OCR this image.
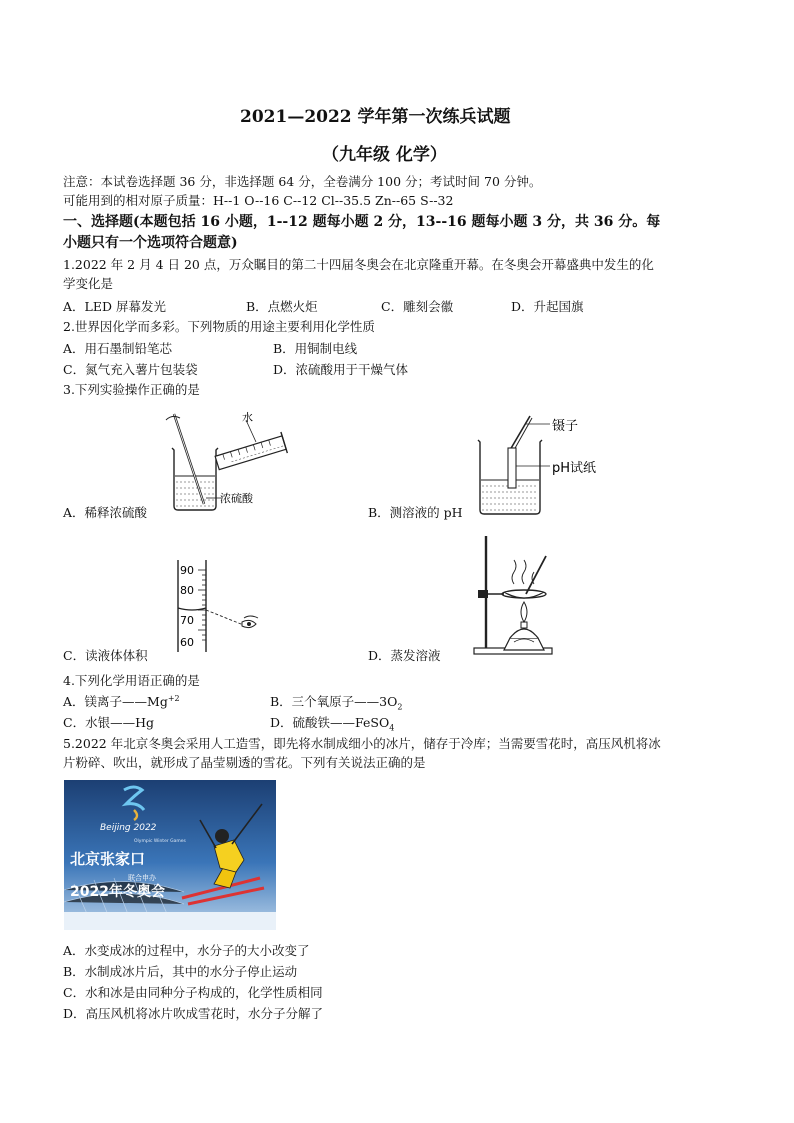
2021—2022 学年第一次练兵试题
（九年级 化学）
注意：本试卷选择题 36 分，非选择题 64 分，全卷满分 100 分；考试时间 70 分钟。
可能用到的相对原子质量：H--1 O--16 C--12 Cl--35.5 Zn--65 S--32
一、选择题(本题包括 16 小题，1--12 题每小题 2 分，13--16 题每小题 3 分，共 36 分。每
小题只有一个选项符合题意)
1.2022 年 2 月 4 日 20 点，万众瞩目的第二十四届冬奥会在北京隆重开幕。在冬奥会开幕盛典中发生的化
学变化是
A．LED 屏幕发光	B．点燃火炬	C．雕刻会徽	D．升起国旗
2.世界因化学而多彩。下列物质的用途主要利用化学性质
A．用石墨制铅笔芯	B．用铜制电线
C．氮气充入薯片包装袋	D．浓硫酸用于干燥气体
3.下列实验操作正确的是
水
浓硫酸
A．稀释浓硫酸
镊子
pH试纸
B．测溶液的 pH
90
80
70
60
C．读液体体积	D．蒸发溶液
4.下列化学用语正确的是
A．镁离子$——Mg^{+2}$	B．三个氧原子$——3O_2$
C．水银——Hg	D．硫酸铁——FeSO$_4$
5.2022 年北京冬奥会采用人工造雪，即先将水制成细小的冰片，储存于冷库；当需要雪花时，高压风机将冰
片粉碎、吹出，就形成了晶莹剔透的雪花。下列有关说法正确的是
Beijing 2022
Olympic Winter Games
北京张家口
联合申办
2022年冬奥会
A．水变成冰的过程中，水分子的大小改变了
B．水制成冰片后，其中的水分子停止运动
C．水和冰是由同种分子构成的，化学性质相同
D．高压风机将冰片吹成雪花时，水分子分解了
